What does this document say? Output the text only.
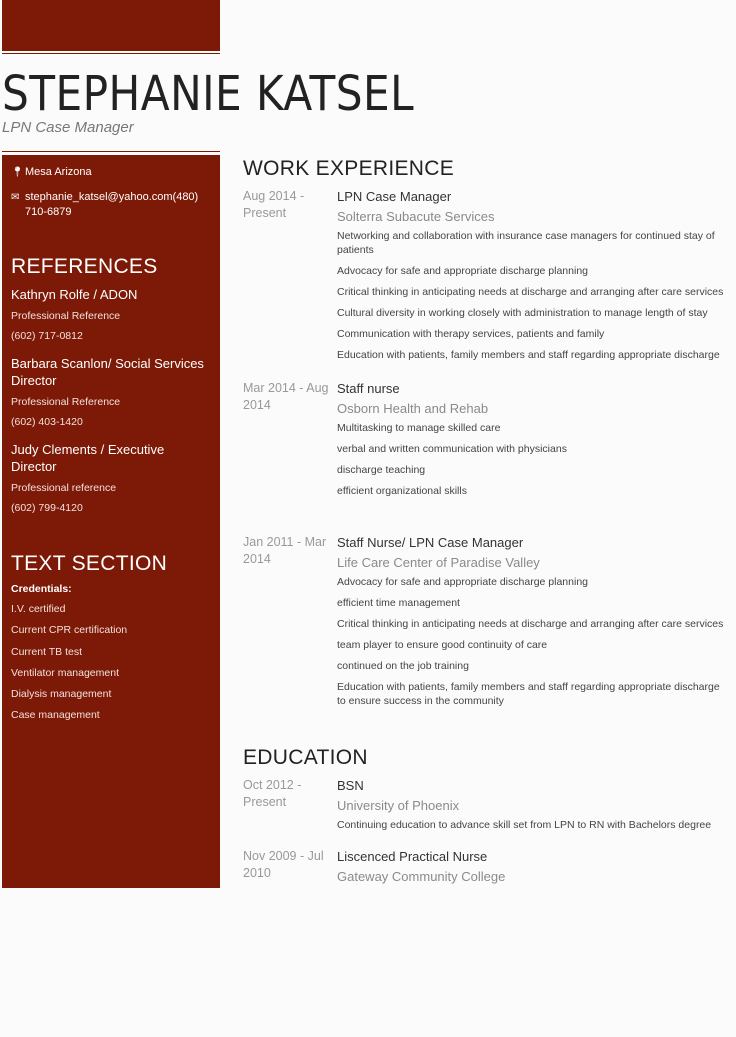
STEPHANIE KATSEL
LPN Case Manager
📍︎ Mesa Arizona
✉ stephanie_katsel@yahoo.com(480) 710-6879
REFERENCES
Kathryn Rolfe / ADON
Professional Reference
(602) 717-0812
Barbara Scanlon/ Social Services Director
Professional Reference
(602) 403-1420
Judy Clements / Executive Director
Professional reference
(602) 799-4120
TEXT SECTION
Credentials:
I.V. certified
Current CPR certification
Current TB test
Ventilator management
Dialysis management
Case management
WORK EXPERIENCE
Aug 2014 - Present
LPN Case Manager
Solterra Subacute Services
Networking and collaboration with insurance case managers for continued stay of patients
Advocacy for safe and appropriate discharge planning
Critical thinking in anticipating needs at discharge and arranging after care services
Cultural diversity in working closely with administration to manage length of stay
Communication with therapy services, patients and family
Education with patients, family members and staff regarding appropriate discharge
Mar 2014 - Aug 2014
Staff nurse
Osborn Health and Rehab
Multitasking to manage skilled care
verbal and written communication with physicians
discharge teaching
efficient organizational skills
Jan 2011 - Mar 2014
Staff Nurse/ LPN Case Manager
Life Care Center of Paradise Valley
Advocacy for safe and appropriate discharge planning
efficient time management
Critical thinking in anticipating needs at discharge and arranging after care services
team player to ensure good continuity of care
continued on the job training
Education with patients, family members and staff regarding appropriate discharge to ensure success in the community
EDUCATION
Oct 2012 - Present
BSN
University of Phoenix
Continuing education to advance skill set from LPN to RN with Bachelors degree
Nov 2009 - Jul 2010
Liscenced Practical Nurse
Gateway Community College
